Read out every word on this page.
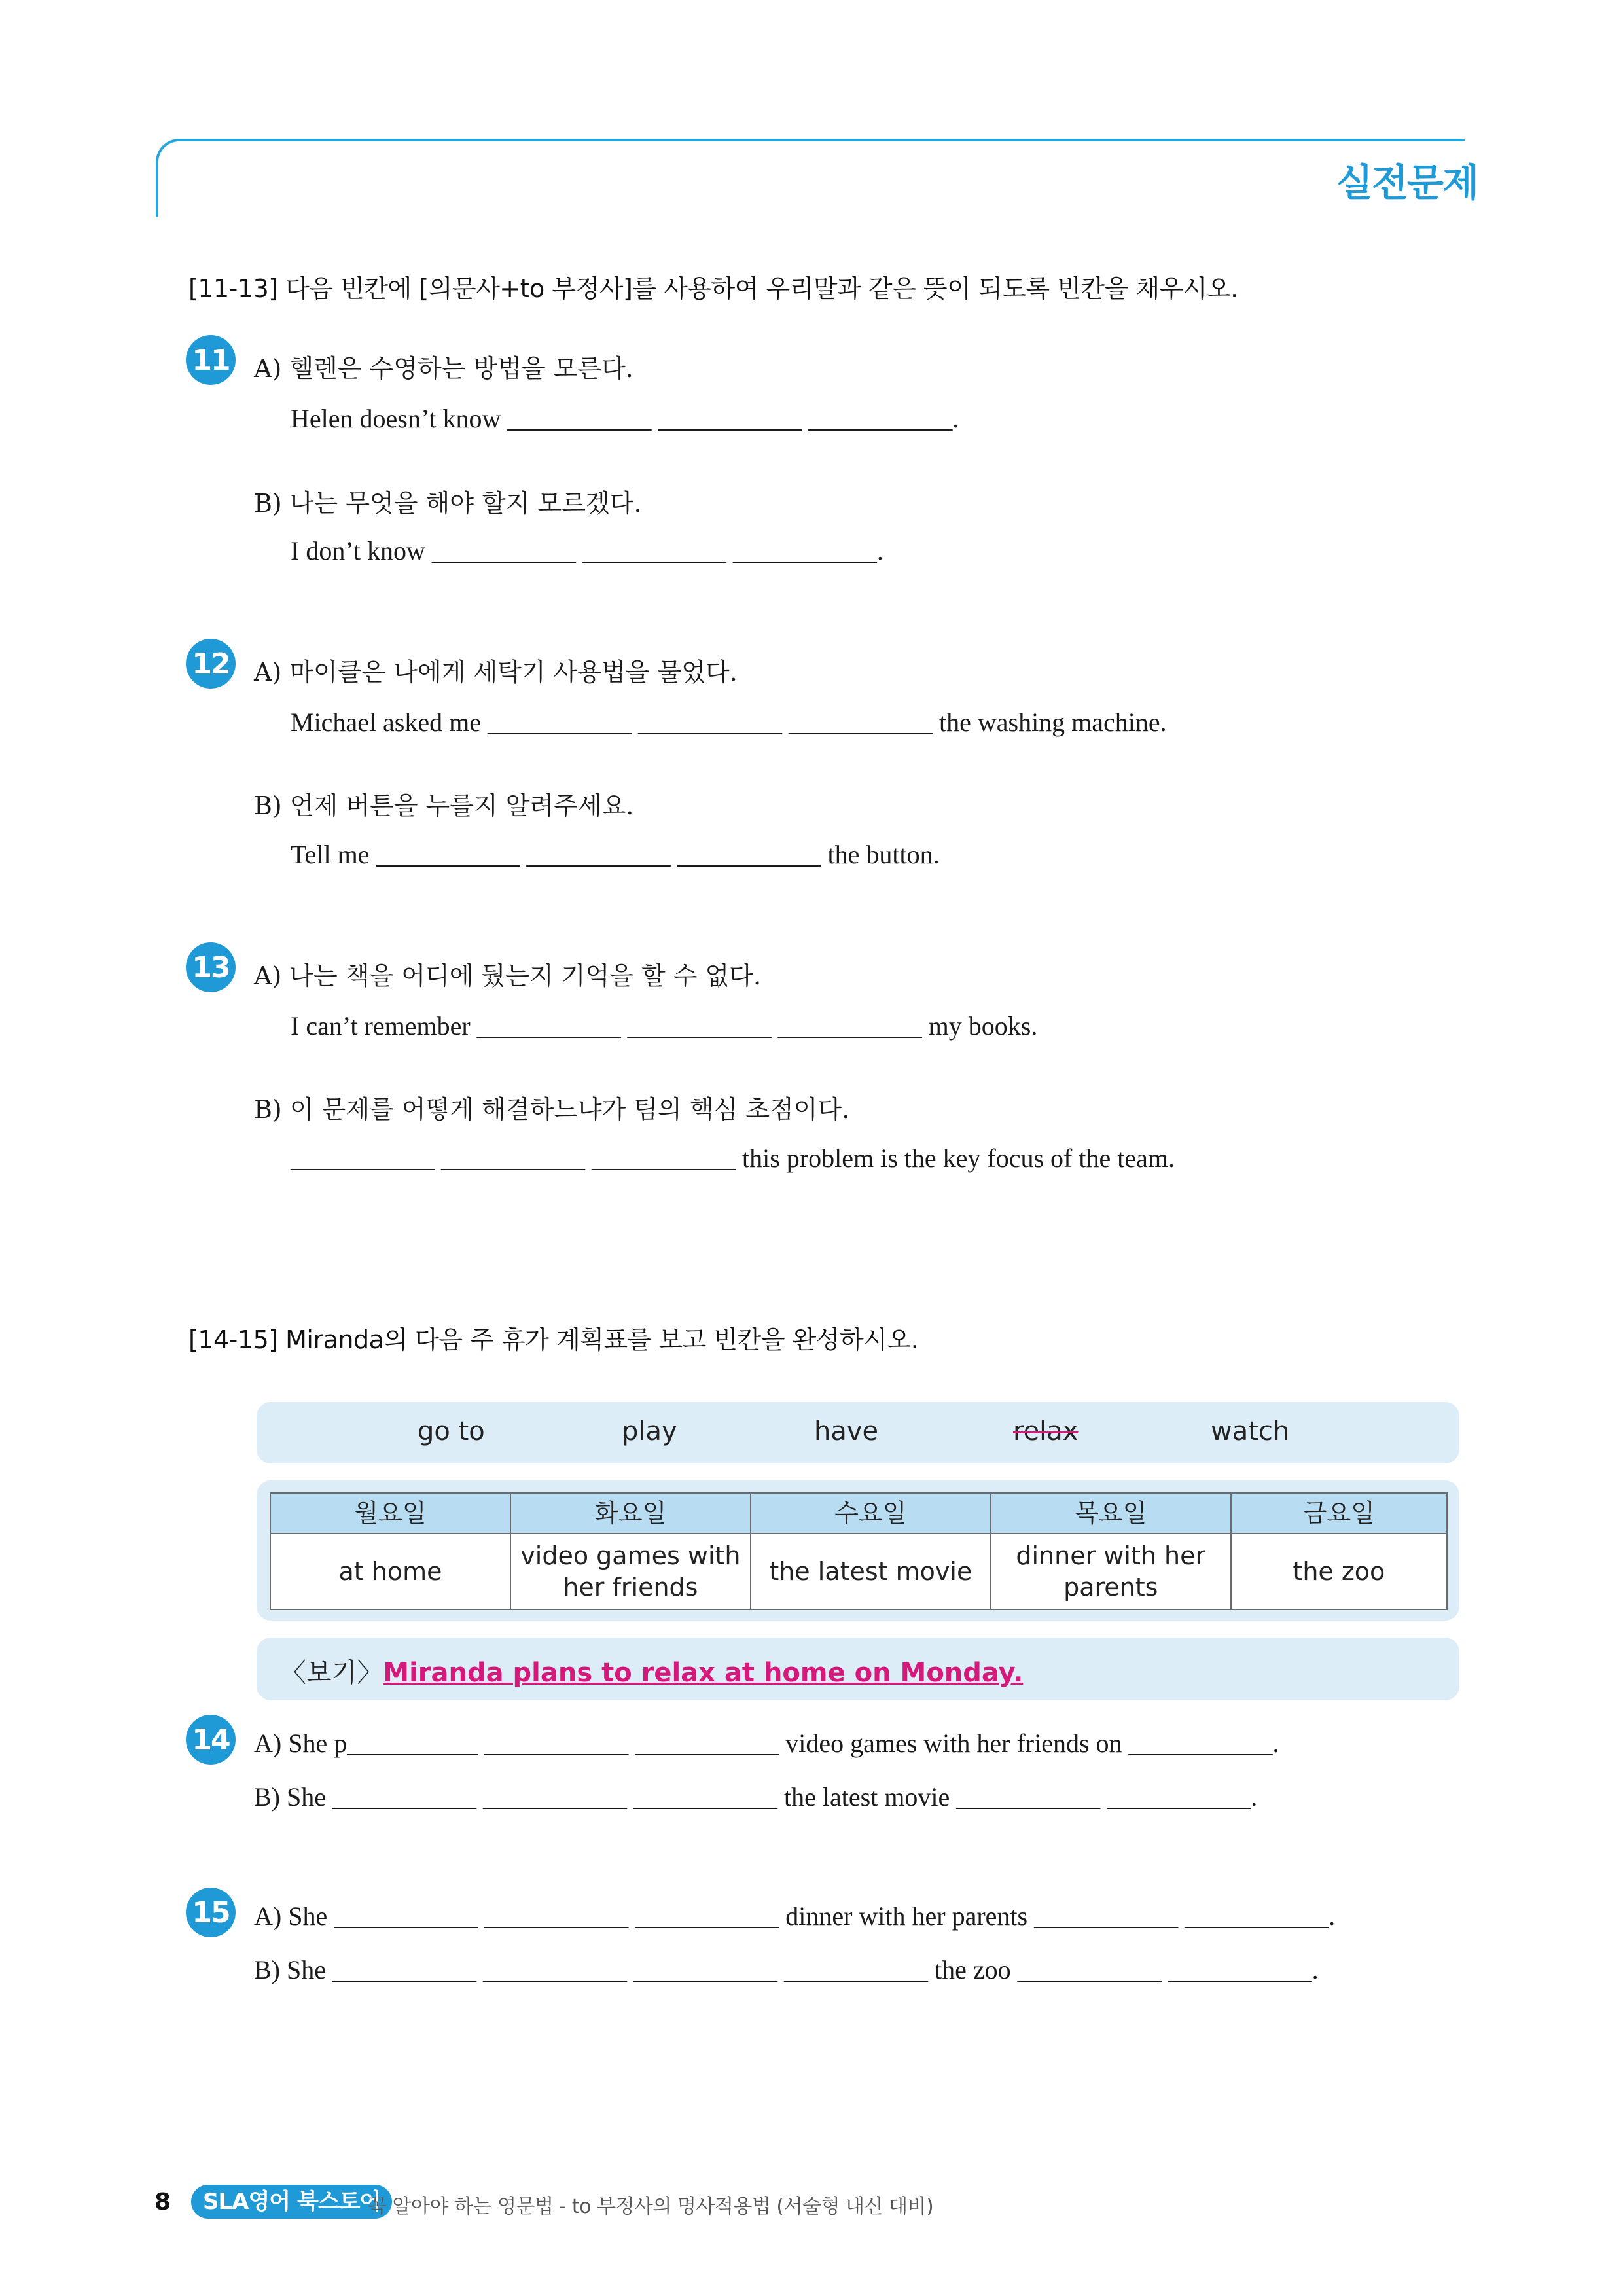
실전문제
[11-13] 다음 빈칸에 [의문사+to 부정사]를 사용하여 우리말과 같은 뜻이 되도록 빈칸을 채우시오.
11 A) 헬렌은 수영하는 방법을 모른다.
Helen doesn’t know ___________ ___________ ___________.
B) 나는 무엇을 해야 할지 모르겠다.
I don’t know ___________ ___________ ___________.
12 A) 마이클은 나에게 세탁기 사용법을 물었다.
Michael asked me ___________ ___________ ___________ the washing machine.
B) 언제 버튼을 누를지 알려주세요.
Tell me ___________ ___________ ___________ the button.
13 A) 나는 책을 어디에 뒀는지 기억을 할 수 없다.
I can’t remember ___________ ___________ ___________ my books.
B) 이 문제를 어떻게 해결하느냐가 팀의 핵심 초점이다.
___________ ___________ ___________ this problem is the key focus of the team.
[14-15] Miranda의 다음 주 휴가 계획표를 보고 빈칸을 완성하시오.
go to	play	have	relax	watch
월요일	화요일	수요일	목요일	금요일
at home	video games with her friends	the latest movie	dinner with her parents	the zoo
〈보기〉Miranda plans to relax at home on Monday.
14 A) She p__________ ___________ ___________ video games with her friends on ___________.
B) She ___________ ___________ ___________ the latest movie ___________ ___________.
15 A) She ___________ ___________ ___________ dinner with her parents ___________ ___________.
B) She ___________ ___________ ___________ ___________ the zoo ___________ ___________.
8	SLA영어 북스토어
꼭 알아야 하는 영문법 - to 부정사의 명사적용법 (서술형 내신 대비)
